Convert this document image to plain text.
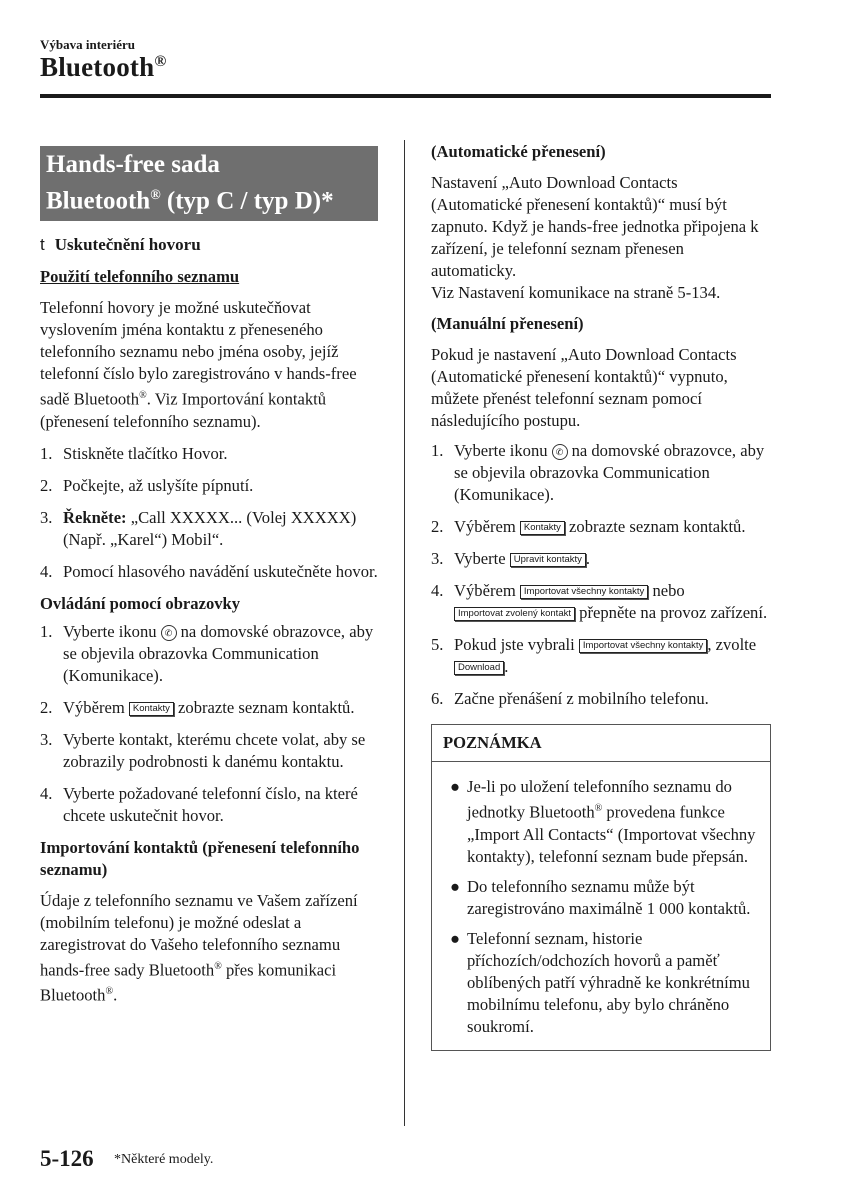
Výbava interiéru
Bluetooth®
Hands-free sada
Bluetooth® (typ C / typ D)*
t Uskutečnění hovoru
Použití telefonního seznamu

Telefonní hovory je možné uskutečňovat vyslovením jména kontaktu z přeneseného telefonního seznamu nebo jména osoby, jejíž telefonní číslo bylo zaregistrováno v hands-free sadě Bluetooth®. Viz Importování kontaktů (přenesení telefonního seznamu).

1. Stiskněte tlačítko Hovor.
2. Počkejte, až uslyšíte pípnutí.
3. Řekněte: „Call XXXXX... (Volej XXXXX) (Např. „Karel“) Mobil“.
4. Pomocí hlasového navádění uskutečněte hovor.
Ovládání pomocí obrazovky
1. Vyberte ikonu ✆ na domovské obrazovce, aby se objevila obrazovka Communication (Komunikace).
2. Výběrem Kontakty zobrazte seznam kontaktů.
3. Vyberte kontakt, kterému chcete volat, aby se zobrazily podrobnosti k danému kontaktu.
4. Vyberte požadované telefonní číslo, na které chcete uskutečnit hovor.
Importování kontaktů (přenesení telefonního seznamu)

Údaje z telefonního seznamu ve Vašem zařízení (mobilním telefonu) je možné odeslat a zaregistrovat do Vašeho telefonního seznamu hands-free sady Bluetooth® přes komunikaci Bluetooth®.

(Automatické přenesení)

Nastavení „Auto Download Contacts (Automatické přenesení kontaktů)“ musí být zapnuto. Když je hands-free jednotka připojena k zařízení, je telefonní seznam přenesen automaticky.

Viz Nastavení komunikace na straně 5-134.

(Manuální přenesení)

Pokud je nastavení „Auto Download Contacts (Automatické přenesení kontaktů)“ vypnuto, můžete přenést telefonní seznam pomocí následujícího postupu.

1. Vyberte ikonu ✆ na domovské obrazovce, aby se objevila obrazovka Communication (Komunikace).
2. Výběrem Kontakty zobrazte seznam kontaktů.
3. Vyberte Upravit kontakty .
4. Výběrem Importovat všechny kontakty nebo Importovat zvolený kontakt přepněte na provoz zařízení.
5. Pokud jste vybrali Importovat všechny kontakty , zvolte Download .
6. Začne přenášení z mobilního telefonu.
POZNÁMKA
● Je-li po uložení telefonního seznamu do jednotky Bluetooth® provedena funkce „Import All Contacts“ (Importovat všechny kontakty), telefonní seznam bude přepsán.
● Do telefonního seznamu může být zaregistrováno maximálně 1 000 kontaktů.
● Telefonní seznam, historie příchozích/odchozích hovorů a paměť oblíbených patří výhradně ke konkrétnímu mobilnímu telefonu, aby bylo chráněno soukromí.
5-126 *Některé modely.
